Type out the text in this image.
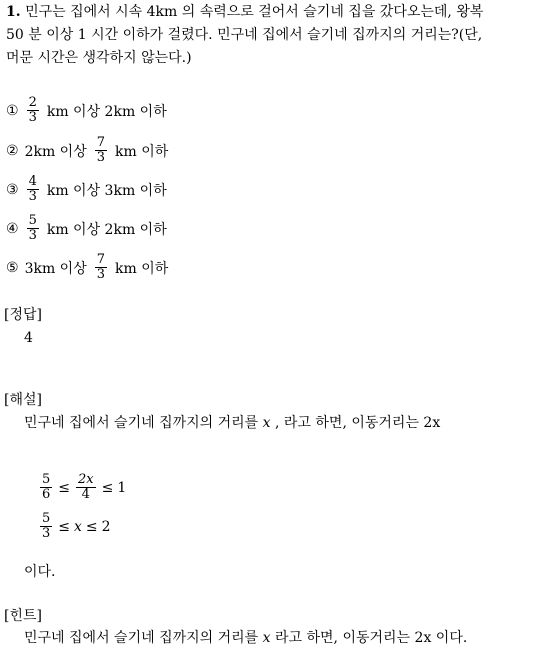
1. 민구는 집에서 시속 4km 의 속력으로 걸어서 슬기네 집을 갔다오는데, 왕복
50 분 이상 1 시간 이하가 걸렸다. 민구네 집에서 슬기네 집까지의 거리는?(단,
머문 시간은 생각하지 않는다.)
① $\frac{2}{3}$ km 이상 2km 이하
② 2km 이상 $\frac{7}{3}$ km 이하
③ $\frac{4}{3}$ km 이상 3km 이하
④ $\frac{5}{3}$ km 이상 2km 이하
⑤ 3km 이상 $\frac{7}{3}$ km 이하
[정답]
4
[해설]
민구네 집에서 슬기네 집까지의 거리를 x , 라고 하면, 이동거리는 2x
$\frac{5}{6} \le \frac{2x}{4} \le 1$
$\frac{5}{3} \le x \le 2$
이다.
[힌트]
민구네 집에서 슬기네 집까지의 거리를 x 라고 하면, 이동거리는 2x 이다.
